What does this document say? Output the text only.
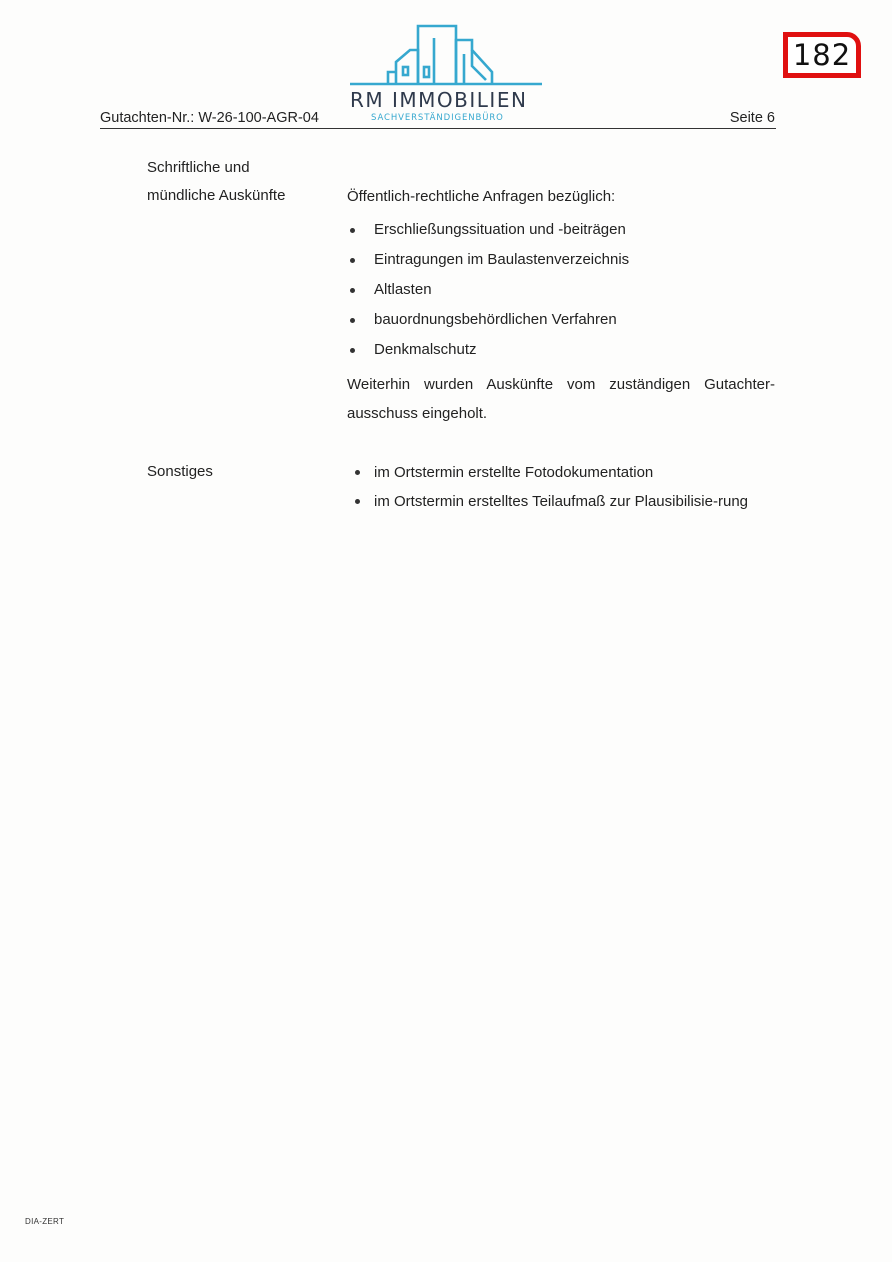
182
RM IMMOBILIEN
SACHVERSTÄNDIGENBÜRO
Gutachten-Nr.: W-26-100-AGR-04	Seite 6
Schriftliche und
mündliche Auskünfte	Öffentlich-rechtliche Anfragen bezüglich:
Erschließungssituation und -beiträgen
Eintragungen im Baulastenverzeichnis
Altlasten
bauordnungsbehördlichen Verfahren
Denkmalschutz
Weiterhin wurden Auskünfte vom zuständigen Gutachter-ausschuss eingeholt.
Sonstiges	im Ortstermin erstellte Fotodokumentation
im Ortstermin erstelltes Teilaufmaß zur Plausibilisie-rung
DIA-ZERT
